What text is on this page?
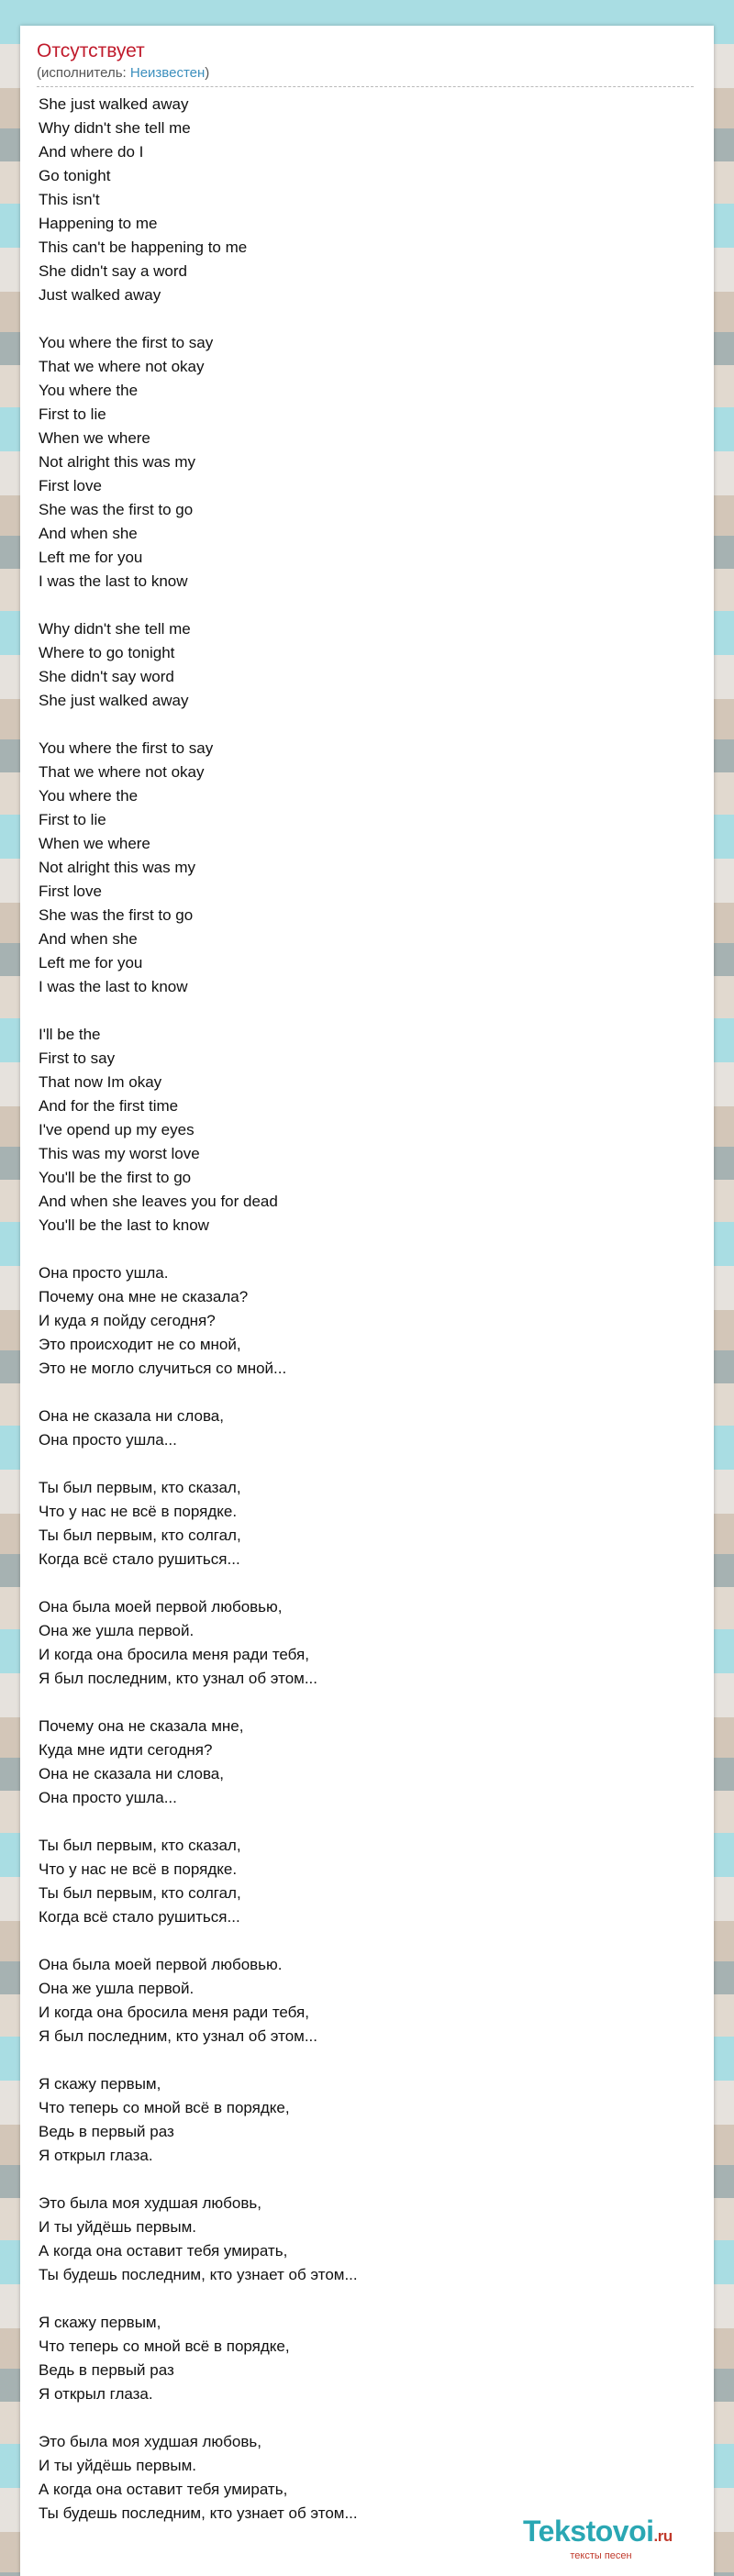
Отсутствует
(исполнитель: Неизвестен)
She just walked away
Why didn't she tell me
And where do I
Go tonight
This isn't
Happening to me
This can't be happening to me
She didn't say a word
Just walked away
You where the first to say
That we where not okay
You where the
First to lie
When we where
Not alright this was my
First love
She was the first to go
And when she
Left me for you
I was the last to know
Why didn't she tell me
Where to go tonight
She didn't say word
She just walked away
You where the first to say
That we where not okay
You where the
First to lie
When we where
Not alright this was my
First love
She was the first to go
And when she
Left me for you
I was the last to know
I'll be the
First to say
That now Im okay
And for the first time
I've opend up my eyes
This was my worst love
You'll be the first to go
And when she leaves you for dead
You'll be the last to know
Она просто ушла.
Почему она мне не сказала?
И куда я пойду сегодня?
Это происходит не со мной,
Это не могло случиться со мной...
Она не сказала ни слова,
Она просто ушла...
Ты был первым, кто сказал,
Что у нас не всё в порядке.
Ты был первым, кто солгал,
Когда всё стало рушиться...
Она была моей первой любовью,
Она же ушла первой.
И когда она бросила меня ради тебя,
Я был последним, кто узнал об этом...
Почему она не сказала мне,
Куда мне идти сегодня?
Она не сказала ни слова,
Она просто ушла...
Ты был первым, кто сказал,
Что у нас не всё в порядке.
Ты был первым, кто солгал,
Когда всё стало рушиться...
Она была моей первой любовью.
Она же ушла первой.
И когда она бросила меня ради тебя,
Я был последним, кто узнал об этом...
Я скажу первым,
Что теперь со мной всё в порядке,
Ведь в первый раз
Я открыл глаза.
Это была моя худшая любовь,
И ты уйдёшь первым.
А когда она оставит тебя умирать,
Ты будешь последним, кто узнает об этом...
Я скажу первым,
Что теперь со мной всё в порядке,
Ведь в первый раз
Я открыл глаза.
Это была моя худшая любовь,
И ты уйдёшь первым.
А когда она оставит тебя умирать,
Ты будешь последним, кто узнает об этом...
Tekstovoi.ru
тексты песен
